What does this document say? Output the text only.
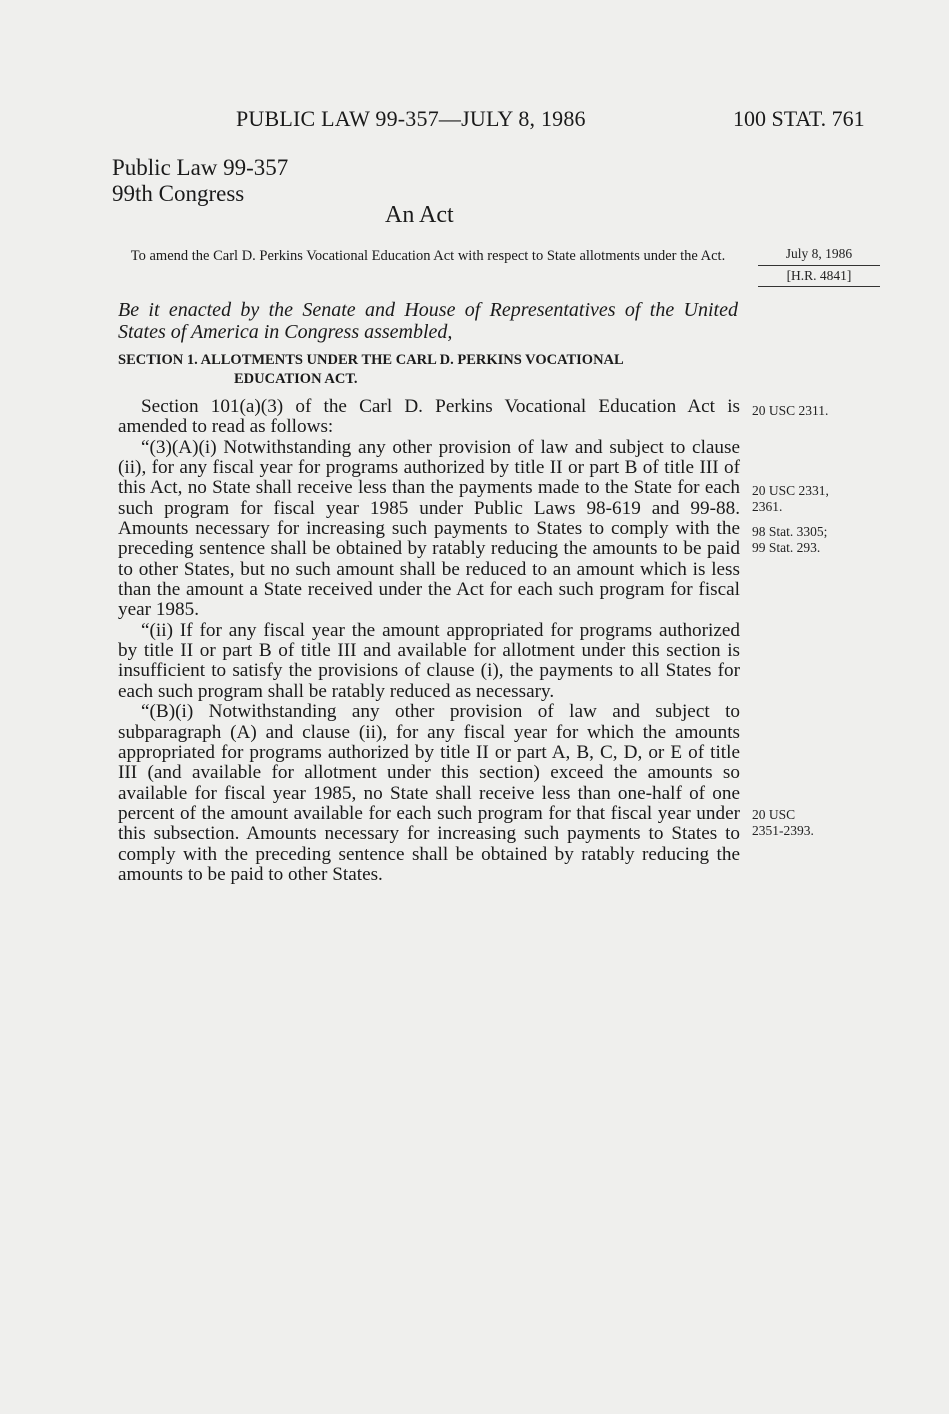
PUBLIC LAW 99-357—JULY 8, 1986	100 STAT. 761
Public Law 99-357
99th Congress
An Act
To amend the Carl D. Perkins Vocational Education Act with respect to State allotments under the Act.
Be it enacted by the Senate and House of Representatives of the United States of America in Congress assembled,
SECTION 1. ALLOTMENTS UNDER THE CARL D. PERKINS VOCATIONAL
EDUCATION ACT.

Section 101(a)(3) of the Carl D. Perkins Vocational Education Act is amended to read as follows:

“(3)(A)(i) Notwithstanding any other provision of law and subject to clause (ii), for any fiscal year for programs authorized by title II or part B of title III of this Act, no State shall receive less than the payments made to the State for each such program for fiscal year 1985 under Public Laws 98-619 and 99-88. Amounts necessary for increasing such payments to States to comply with the preceding sentence shall be obtained by ratably reducing the amounts to be paid to other States, but no such amount shall be reduced to an amount which is less than the amount a State received under the Act for each such program for fiscal year 1985.

“(ii) If for any fiscal year the amount appropriated for programs authorized by title II or part B of title III and available for allotment under this section is insufficient to satisfy the provisions of clause (i), the payments to all States for each such program shall be ratably reduced as necessary.

“(B)(i) Notwithstanding any other provision of law and subject to subparagraph (A) and clause (ii), for any fiscal year for which the amounts appropriated for programs authorized by title II or part A, B, C, D, or E of title III (and available for allotment under this section) exceed the amounts so available for fiscal year 1985, no State shall receive less than one-half of one percent of the amount available for each such program for that fiscal year under this subsection. Amounts necessary for increasing such payments to States to comply with the preceding sentence shall be obtained by ratably reducing the amounts to be paid to other States.

July 8, 1986
[H.R. 4841]
20 USC 2311.
20 USC 2331,
2361.
98 Stat. 3305;
99 Stat. 293.
20 USC
2351-2393.
